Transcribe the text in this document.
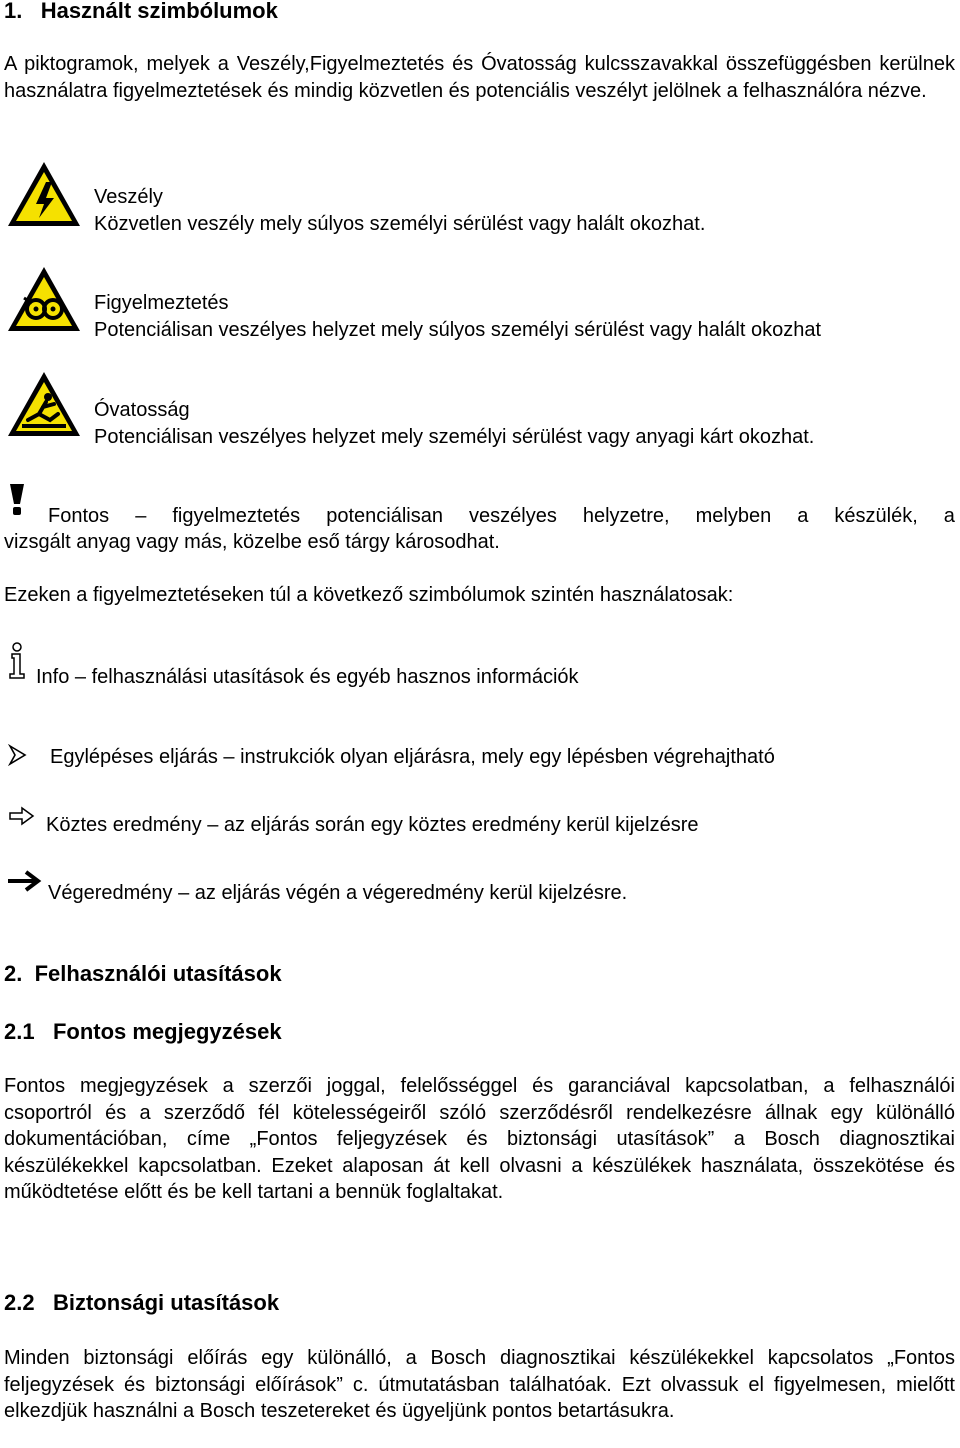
1. Használt szimbólumok
A piktogramok, melyek a Veszély,Figyelmeztetés és Óvatosság kulcsszavakkal összefüggésben kerülnek használatra figyelmeztetések és mindig közvetlen és potenciális veszélyt jelölnek a felhasználóra nézve.
Veszély
Közvetlen veszély mely súlyos személyi sérülést vagy halált okozhat.
Figyelmeztetés
Potenciálisan veszélyes helyzet mely súlyos személyi sérülést vagy halált okozhat
Óvatosság
Potenciálisan veszélyes helyzet mely személyi sérülést vagy anyagi kárt okozhat.
Fontos – figyelmeztetés potenciálisan veszélyes helyzetre, melyben a készülék, a
vizsgált anyag vagy más, közelbe eső tárgy károsodhat.
Ezeken a figyelmeztetéseken túl a következő szimbólumok szintén használatosak:
Info – felhasználási utasítások és egyéb hasznos információk
Egylépéses eljárás – instrukciók olyan eljárásra, mely egy lépésben végrehajtható
Köztes eredmény – az eljárás során egy köztes eredmény kerül kijelzésre
Végeredmény – az eljárás végén a végeredmény kerül kijelzésre.
2. Felhasználói utasítások
2.1 Fontos megjegyzések
Fontos megjegyzések a szerzői joggal, felelősséggel és garanciával kapcsolatban, a felhasználói csoportról és a szerződő fél kötelességeiről szóló szerződésről rendelkezésre állnak egy különálló dokumentációban, címe „Fontos feljegyzések és biztonsági utasítások” a Bosch diagnosztikai készülékekkel kapcsolatban. Ezeket alaposan át kell olvasni a készülékek használata, összekötése és működtetése előtt és be kell tartani a bennük foglaltakat.
2.2 Biztonsági utasítások
Minden biztonsági előírás egy különálló, a Bosch diagnosztikai készülékekkel kapcsolatos „Fontos feljegyzések és biztonsági előírások” c. útmutatásban találhatóak. Ezt olvassuk el figyelmesen, mielőtt elkezdjük használni a Bosch teszetereket és ügyeljünk pontos betartásukra.
